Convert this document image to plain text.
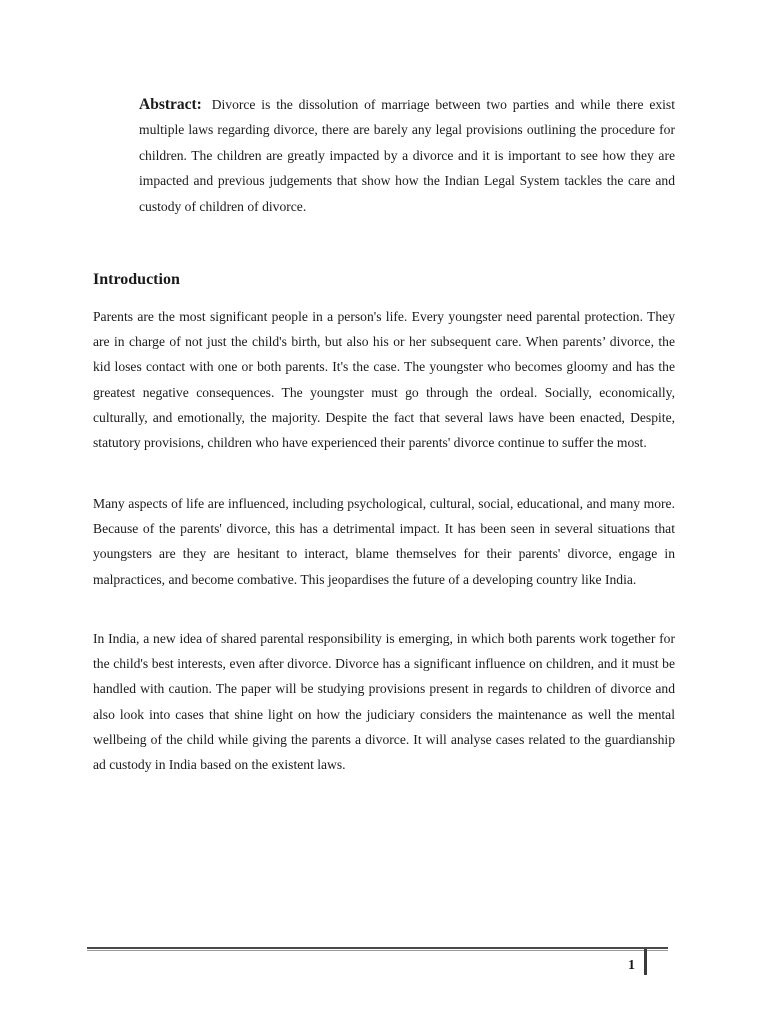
Abstract: Divorce is the dissolution of marriage between two parties and while there exist multiple laws regarding divorce, there are barely any legal provisions outlining the procedure for children. The children are greatly impacted by a divorce and it is important to see how they are impacted and previous judgements that show how the Indian Legal System tackles the care and custody of children of divorce.

Introduction

Parents are the most significant people in a person's life. Every youngster need parental protection. They are in charge of not just the child's birth, but also his or her subsequent care. When parents’ divorce, the kid loses contact with one or both parents. It's the case. The youngster who becomes gloomy and has the greatest negative consequences. The youngster must go through the ordeal. Socially, economically, culturally, and emotionally, the majority. Despite the fact that several laws have been enacted, Despite, statutory provisions, children who have experienced their parents' divorce continue to suffer the most.

Many aspects of life are influenced, including psychological, cultural, social, educational, and many more. Because of the parents' divorce, this has a detrimental impact. It has been seen in several situations that youngsters are they are hesitant to interact, blame themselves for their parents' divorce, engage in malpractices, and become combative. This jeopardises the future of a developing country like India.

In India, a new idea of shared parental responsibility is emerging, in which both parents work together for the child's best interests, even after divorce. Divorce has a significant influence on children, and it must be handled with caution. The paper will be studying provisions present in regards to children of divorce and also look into cases that shine light on how the judiciary considers the maintenance as well the mental wellbeing of the child while giving the parents a divorce. It will analyse cases related to the guardianship ad custody in India based on the existent laws.

1
